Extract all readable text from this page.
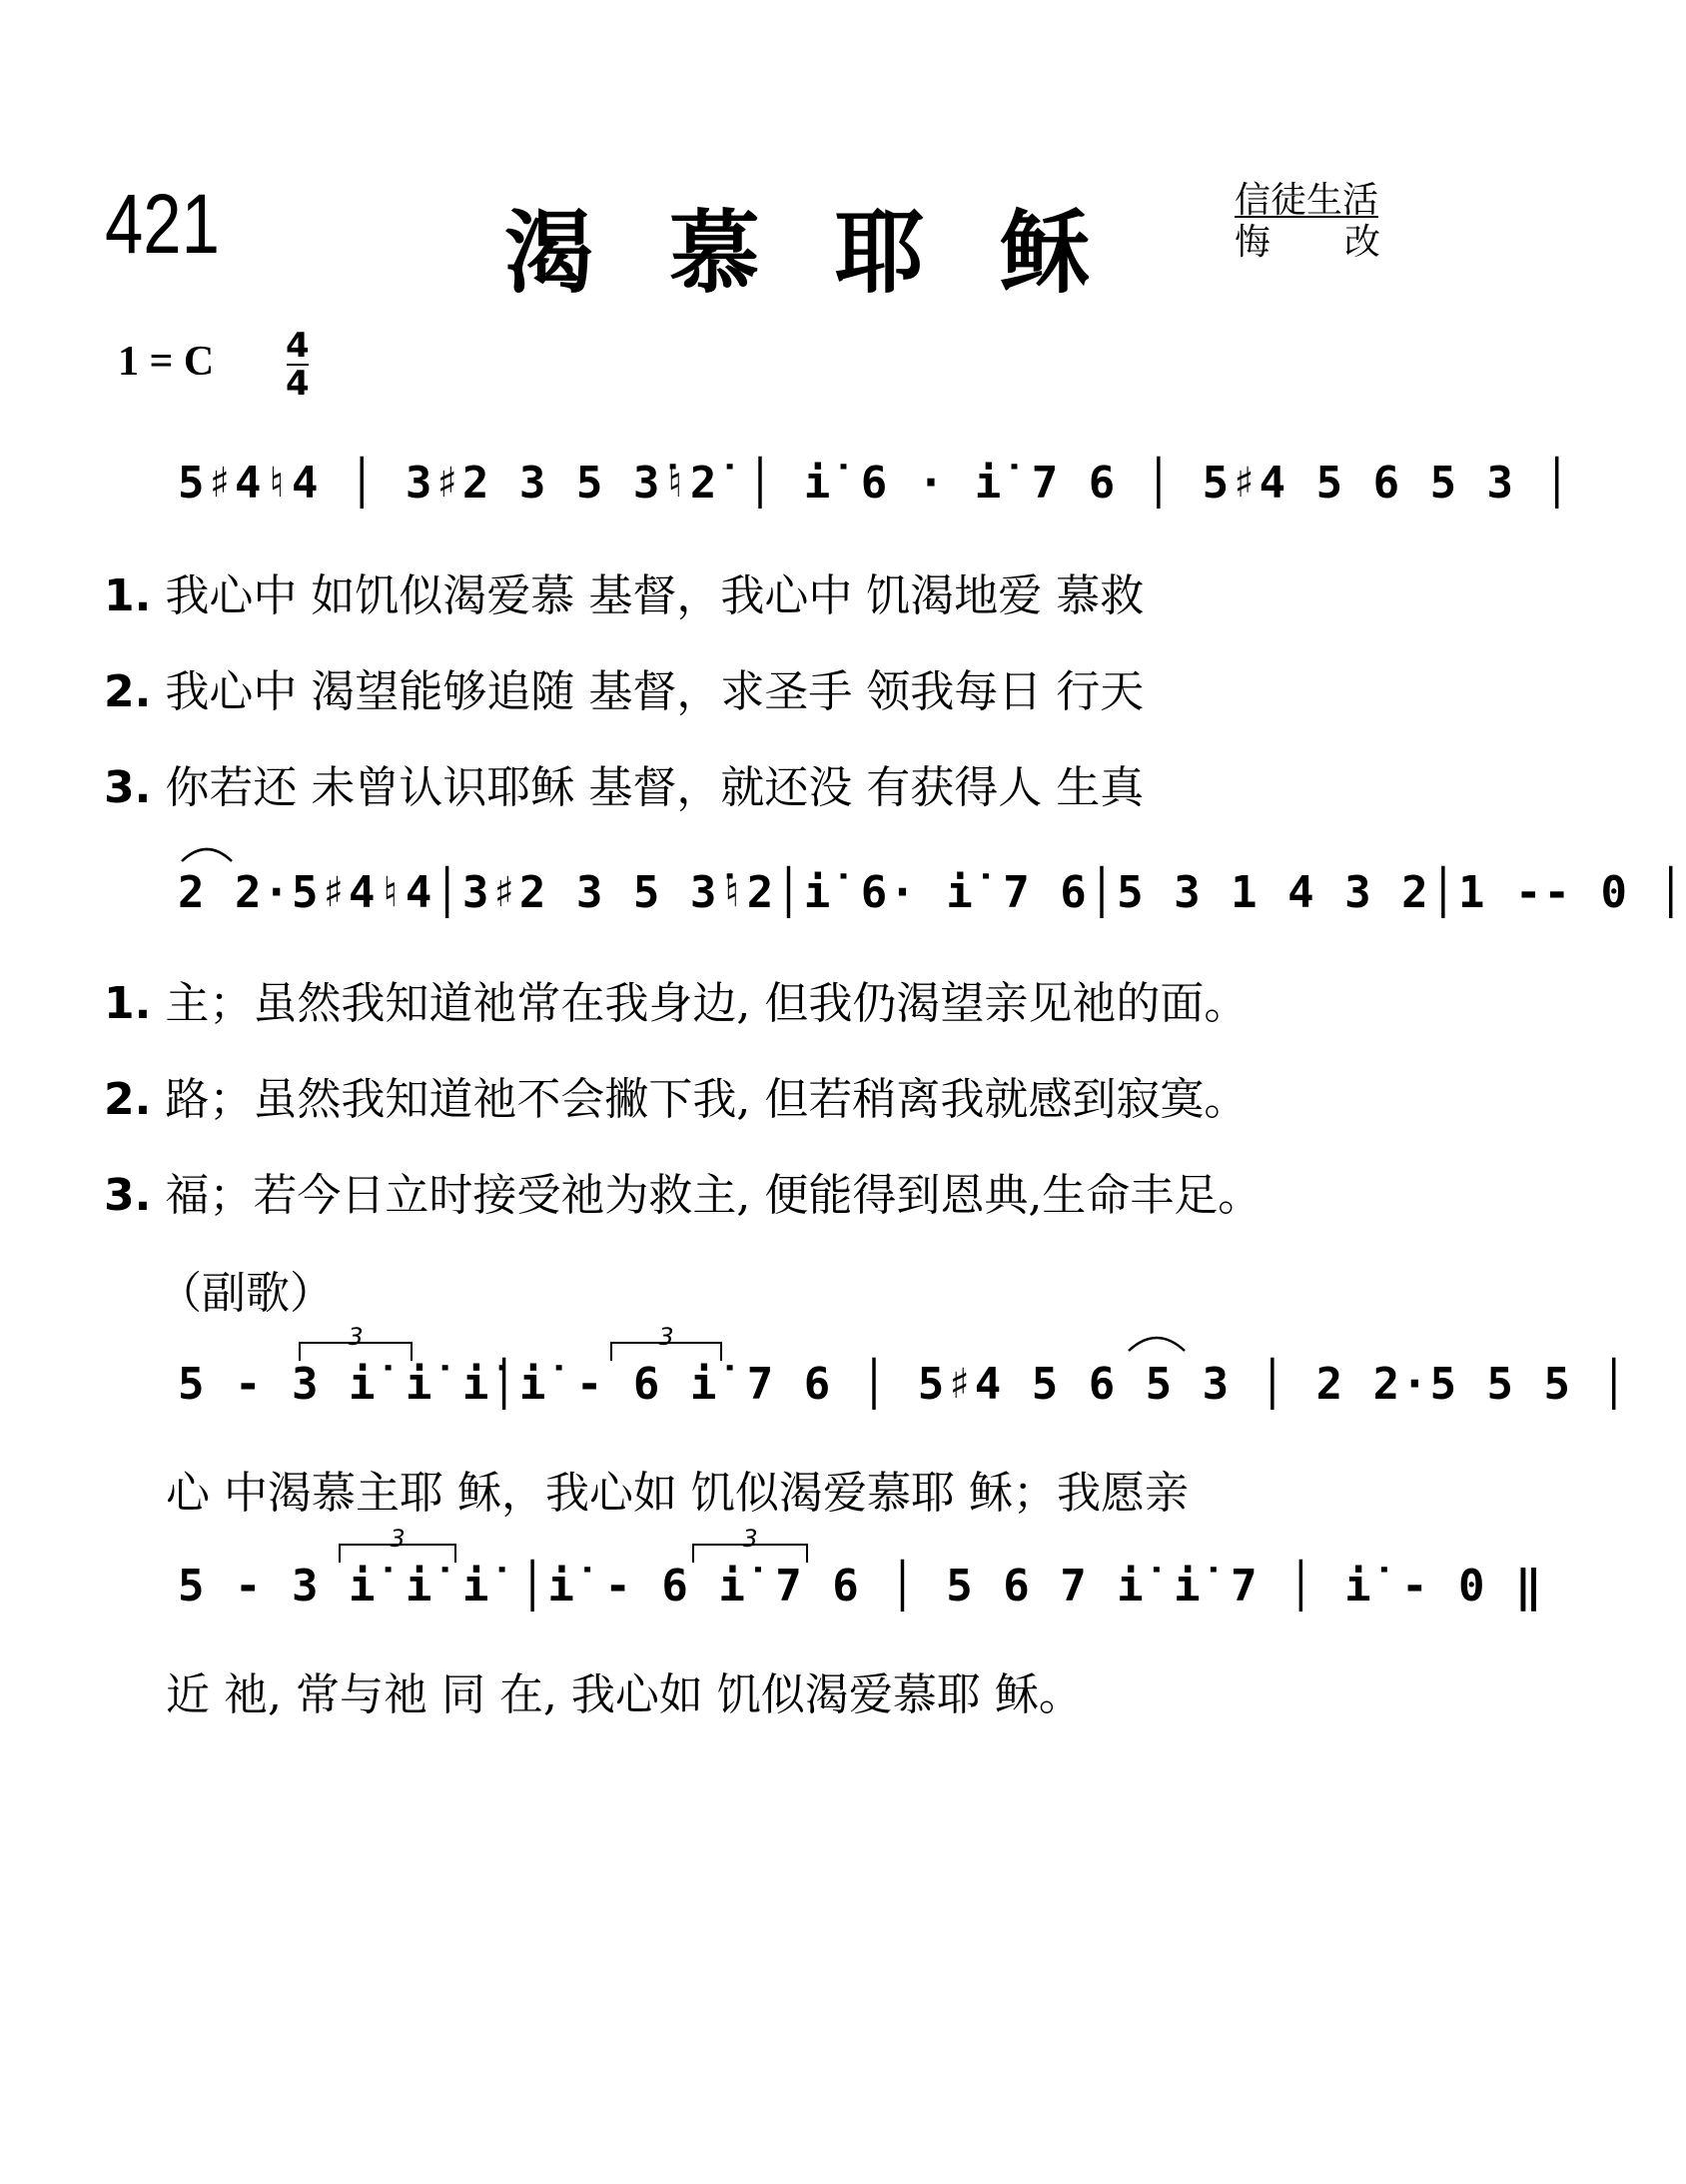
421	渴 慕 耶 稣
信徒生活
悔 改
1 = C 4
4
5♯4♮4 │ 3♯2 3 5 3̇♮2̇ │ i̇ 6 · i̇ 7 6 │ 5♯4 5 6 5 3 │
1. 我心中 如饥似渴爱慕 基督，我心中 饥渴地爱 慕救
2. 我心中 渴望能够追随 基督，求圣手 领我每日 行天
3. 你若还 未曾认识耶稣 基督，就还没 有获得人 生真
2 2·5♯4♮4│3♯2 3 5 3̇♮2│i̇ 6· i̇ 7 6│5 3 1 4 3 2│1 -- 0 │
1. 主；虽然我知道祂常在我身边, 但我仍渴望亲见祂的面。
2. 路；虽然我知道祂不会撇下我, 但若稍离我就感到寂寞。
3. 福；若今日立时接受祂为救主, 便能得到恩典,生命丰足。
（副歌）
5 - 3 i̇ i̇ i̇│i̇ - 6 i̇ 7 6 │ 5♯4 5 6 5 3 │ 2 2·5 5 5 │
心 中渴慕主耶 稣，我心如 饥似渴爱慕耶 稣；我愿亲
5 - 3 i̇ i̇ i̇ │i̇ - 6 i̇ 7 6 │ 5 6 7 i̇ i̇ 7 │ i̇ - 0 ‖
近 祂, 常与祂 同 在, 我心如 饥似渴爱慕耶 稣。
3	3
3	3
